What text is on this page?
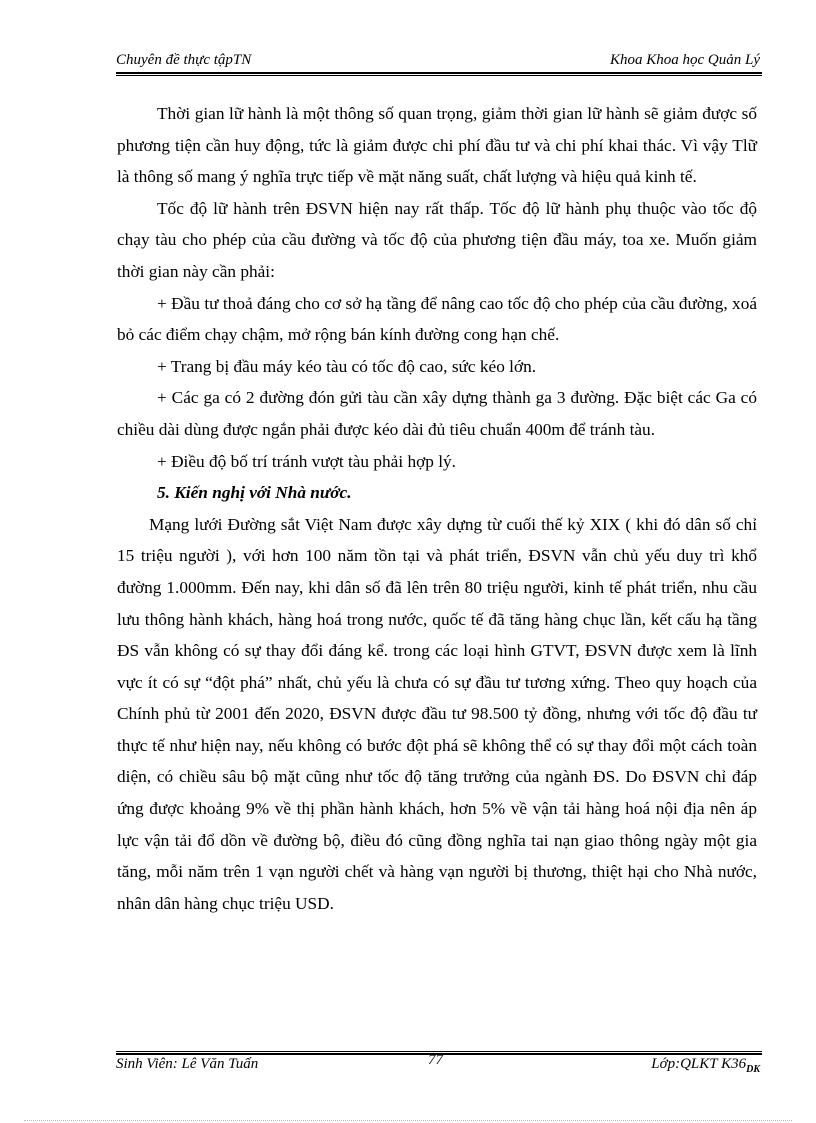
Chuyên đề thực tậpTN	Khoa Khoa học Quản Lý

Thời gian lữ hành là một thông số quan trọng, giảm thời gian lữ hành sẽ giảm được số phương tiện cần huy động, tức là giảm được chi phí đầu tư và chi phí khai thác. Vì vậy Tlữ là thông số mang ý nghĩa trực tiếp về mặt năng suất, chất lượng và hiệu quả kinh tế.

Tốc độ lữ hành trên ĐSVN hiện nay rất thấp. Tốc độ lữ hành phụ thuộc vào tốc độ chạy tàu cho phép của cầu đường và tốc độ của phương tiện đầu máy, toa xe. Muốn giảm thời gian này cần phải:

+ Đầu tư thoả đáng cho cơ sở hạ tầng để nâng cao tốc độ cho phép của cầu đường, xoá bỏ các điểm chạy chậm, mở rộng bán kính đường cong hạn chế.

+ Trang bị đầu máy kéo tàu có tốc độ cao, sức kéo lớn.

+ Các ga có 2 đường đón gửi tàu cần xây dựng thành ga 3 đường. Đặc biệt các Ga có chiều dài dùng được ngắn phải được kéo dài đủ tiêu chuẩn 400m để tránh tàu.

+ Điều độ bố trí tránh vượt tàu phải hợp lý.

5. Kiến nghị với Nhà nước.

Mạng lưới Đường sắt Việt Nam được xây dựng từ cuối thế kỷ XIX ( khi đó dân số chỉ 15 triệu người ), với hơn 100 năm tồn tại và phát triển, ĐSVN vẫn chủ yếu duy trì khổ đường 1.000mm. Đến nay, khi dân số đã lên trên 80 triệu người, kinh tế phát triển, nhu cầu lưu thông hành khách, hàng hoá trong nước, quốc tế đã tăng hàng chục lần, kết cấu hạ tầng ĐS vẫn không có sự thay đổi đáng kể. trong các loại hình GTVT, ĐSVN được xem là lĩnh vực ít có sự “đột phá” nhất, chủ yếu là chưa có sự đầu tư tương xứng. Theo quy hoạch của Chính phủ từ 2001 đến 2020, ĐSVN được đầu tư 98.500 tỷ đồng, nhưng với tốc độ đầu tư thực tế như hiện nay, nếu không có bước đột phá sẽ không thể có sự thay đổi một cách toàn diện, có chiều sâu bộ mặt cũng như tốc độ tăng trưởng của ngành ĐS. Do ĐSVN chỉ đáp ứng được khoảng 9% về thị phần hành khách, hơn 5% về vận tải hàng hoá nội địa nên áp lực vận tải đổ dồn về đường bộ, điều đó cũng đồng nghĩa tai nạn giao thông ngày một gia tăng, mỗi năm trên 1 vạn người chết và hàng vạn người bị thương, thiệt hại cho Nhà nước, nhân dân hàng chục triệu USD.

Sinh Viên: Lê Văn Tuấn	77	Lớp:QLKT $K36_{DK}$
